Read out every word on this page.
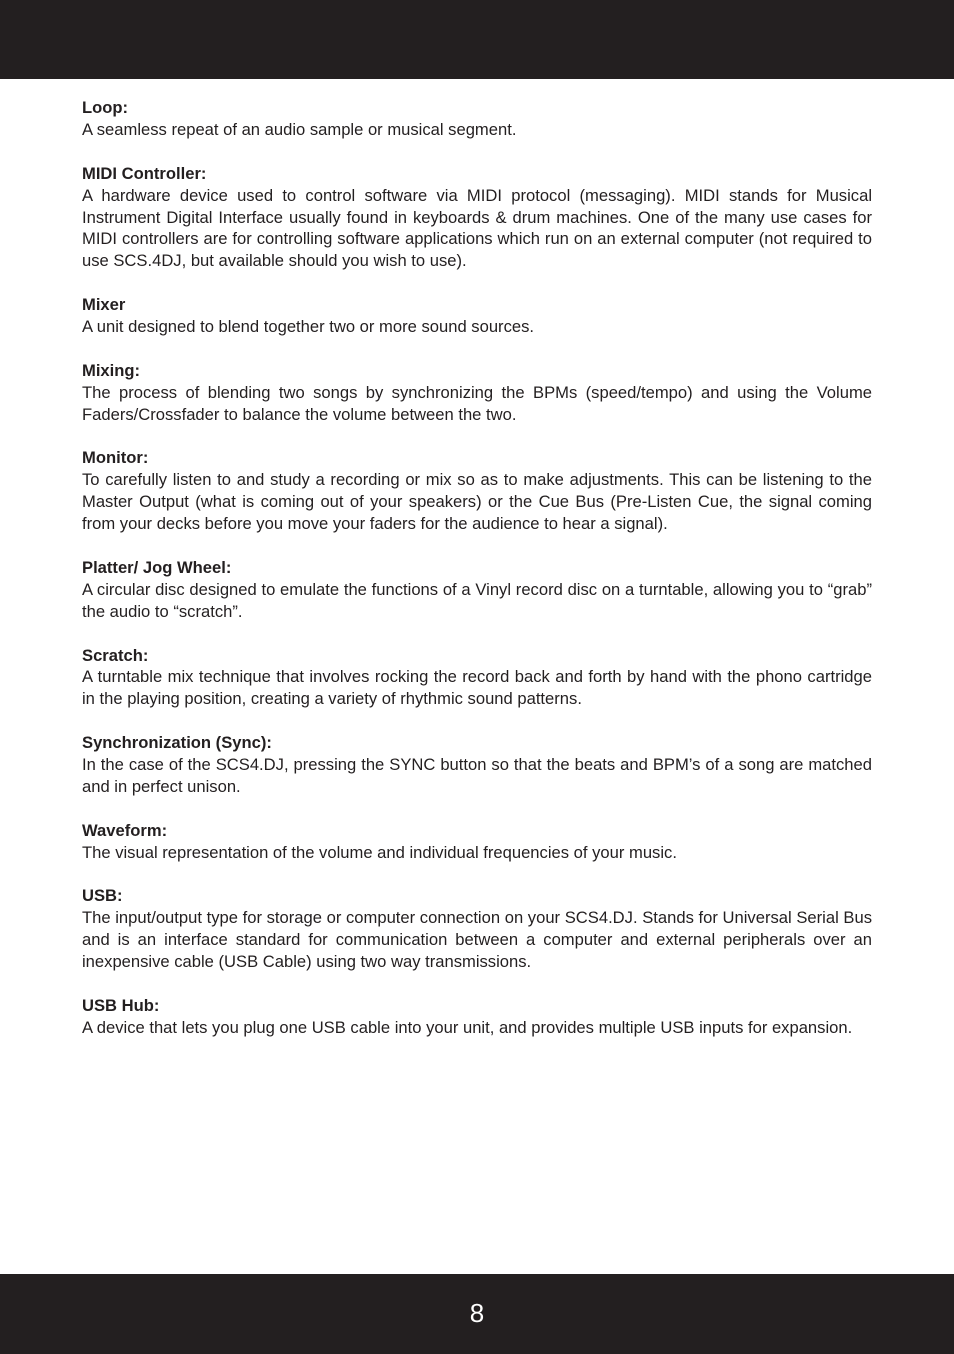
Loop:
A seamless repeat of an audio sample or musical segment.
MIDI Controller:
A hardware device used to control software via MIDI protocol (messaging). MIDI stands for Musical Instrument Digital Interface usually found in keyboards & drum machines. One of the many use cases for MIDI controllers are for controlling software applications which run on an external computer (not required to use SCS.4DJ, but available should you wish to use).
Mixer
A unit designed to blend together two or more sound sources.
Mixing:
The process of blending two songs by synchronizing the BPMs (speed/tempo) and using the Volume Faders/Crossfader to balance the volume between the two.
Monitor:
To carefully listen to and study a recording or mix so as to make adjustments. This can be listening to the Master Output (what is coming out of your speakers) or the Cue Bus (Pre-Listen Cue, the signal coming from your decks before you move your faders for the audience to hear a signal).
Platter/ Jog Wheel:
A circular disc designed to emulate the functions of a Vinyl record disc on a turntable, allowing you to “grab” the audio to “scratch”.
Scratch:
A turntable mix technique that involves rocking the record back and forth by hand with the phono cartridge in the playing position, creating a variety of rhythmic sound patterns.
Synchronization (Sync):
In the case of the SCS4.DJ, pressing the SYNC button so that the beats and BPM’s of a song are matched and in perfect unison.
Waveform:
The visual representation of the volume and individual frequencies of your music.
USB:
The input/output type for storage or computer connection on your SCS4.DJ. Stands for Universal Serial Bus and is an interface standard for communication between a computer and external peripherals over an inexpensive cable (USB Cable) using two way transmissions.
USB Hub:
A device that lets you plug one USB cable into your unit, and provides multiple USB inputs for expansion.
8
